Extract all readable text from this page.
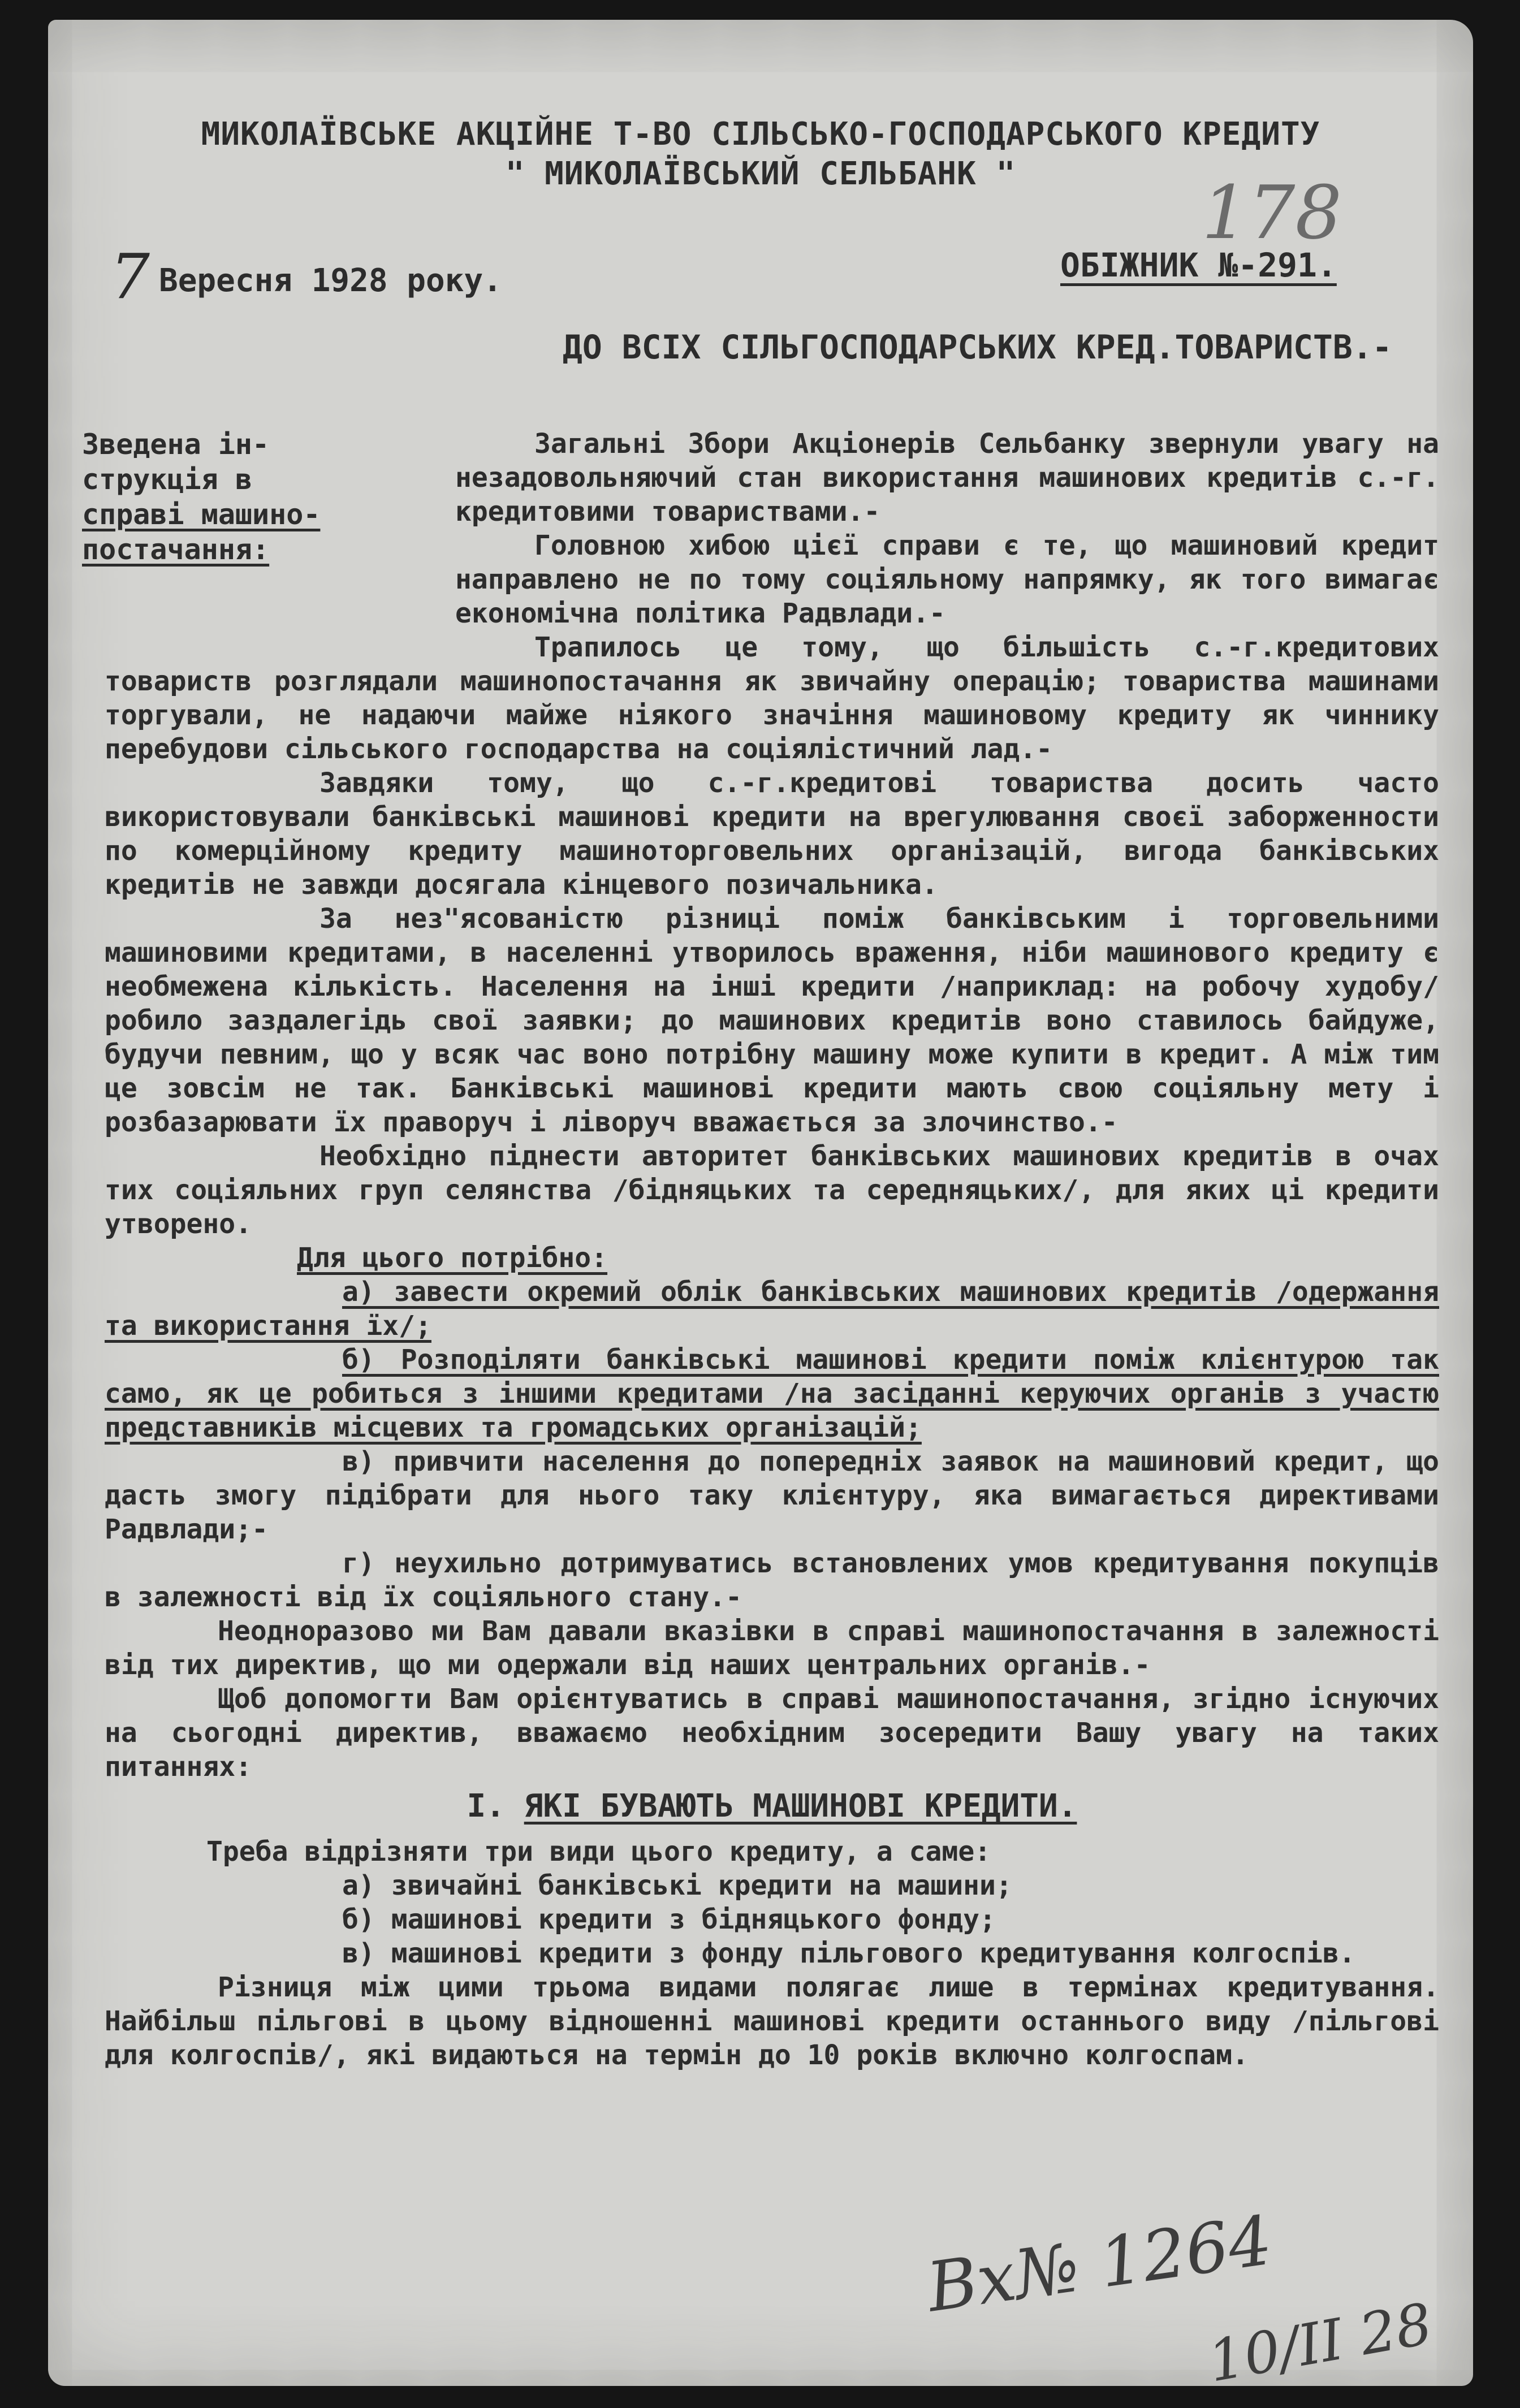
МИКОЛАЇВСЬКЕ АКЦІЙНЕ Т-ВО СІЛЬСЬКО-ГОСПОДАРСЬКОГО КРЕДИТУ
" МИКОЛАЇВСЬКИЙ СЕЛЬБАНК "	178
7 Вересня 1928 року.	ОБІЖНИК №-291.
ДО ВСІХ СІЛЬГОСПОДАРСЬКИХ КРЕД.ТОВАРИСТВ.-
Зведена ін-
струкція в
справі машино-
постачання:

Загальні Збори Акціонерів Сельбанку звернули увагу на незадовольняючий стан використання машинових кредитів с.-г. кредитовими товариствами.-

Головною хибою цієї справи є те, що машиновий кредит направлено не по тому соціяльному напрямку, як того вимагає економічна політика Радвлади.-

Трапилось це тому, що більшість с.-г.кредитових товариств розглядали машинопостачання як звичайну операцію; товариства машинами торгували, не надаючи майже ніякого значіння машиновому кредиту як чиннику перебудови сільського господарства на соціялістичний лад.-

Завдяки тому, що с.-г.кредитові товариства досить часто використовували банківські машинові кредити на врегулювання своєї заборженности по комерційному кредиту машиноторговельних організацій, вигода банківських кредитів не завжди досягала кінцевого позичальника.

За нез"ясованістю різниці поміж банківським і торговельними машиновими кредитами, в населенні утворилось враження, ніби машинового кредиту є необмежена кількість. Населення на інші кредити /наприклад: на робочу худобу/ робило заздалегідь свої заявки; до машинових кредитів воно ставилось байдуже, будучи певним, що у всяк час воно потрібну машину може купити в кредит. А між тим це зовсім не так. Банківські машинові кредити мають свою соціяльну мету і розбазарювати їх праворуч і ліворуч вважається за злочинство.-

Необхідно піднести авторитет банківських машинових кредитів в очах тих соціяльних груп селянства /бідняцьких та середняцьких/, для яких ці кредити утворено.

Для цього потрібно:

а) завести окремий облік банківських машинових кредитів /одержання та використання їх/;

б) Розподіляти банківські машинові кредити поміж клієнтурою так само, як це робиться з іншими кредитами /на засіданні керуючих органів з участю представників місцевих та громадських організацій;

в) привчити населення до попередніх заявок на машиновий кредит, що дасть змогу підібрати для нього таку клієнтуру, яка вимагається директивами Радвлади;-

г) неухильно дотримуватись встановлених умов кредитування покупців в залежності від їх соціяльного стану.-

Неодноразово ми Вам давали вказівки в справі машинопостачання в залежності від тих директив, що ми одержали від наших центральних органів.-

Щоб допомогти Вам орієнтуватись в справі машинопостачання, згідно існуючих на сьогодні директив, вважаємо необхідним зосередити Вашу увагу на таких питаннях:

I. ЯКІ БУВАЮТЬ МАШИНОВІ КРЕДИТИ.

Треба відрізняти три види цього кредиту, а саме:

а) звичайні банківські кредити на машини;

б) машинові кредити з бідняцького фонду;

в) машинові кредити з фонду пільгового кредитування колгоспів.

Різниця між цими трьома видами полягає лише в термінах кредитування. Найбільш пільгові в цьому відношенні машинові кредити останнього виду /пільгові для колгоспів/, які видаються на термін до 10 років включно колгоспам.

Вх№ 1264
10/II 28
